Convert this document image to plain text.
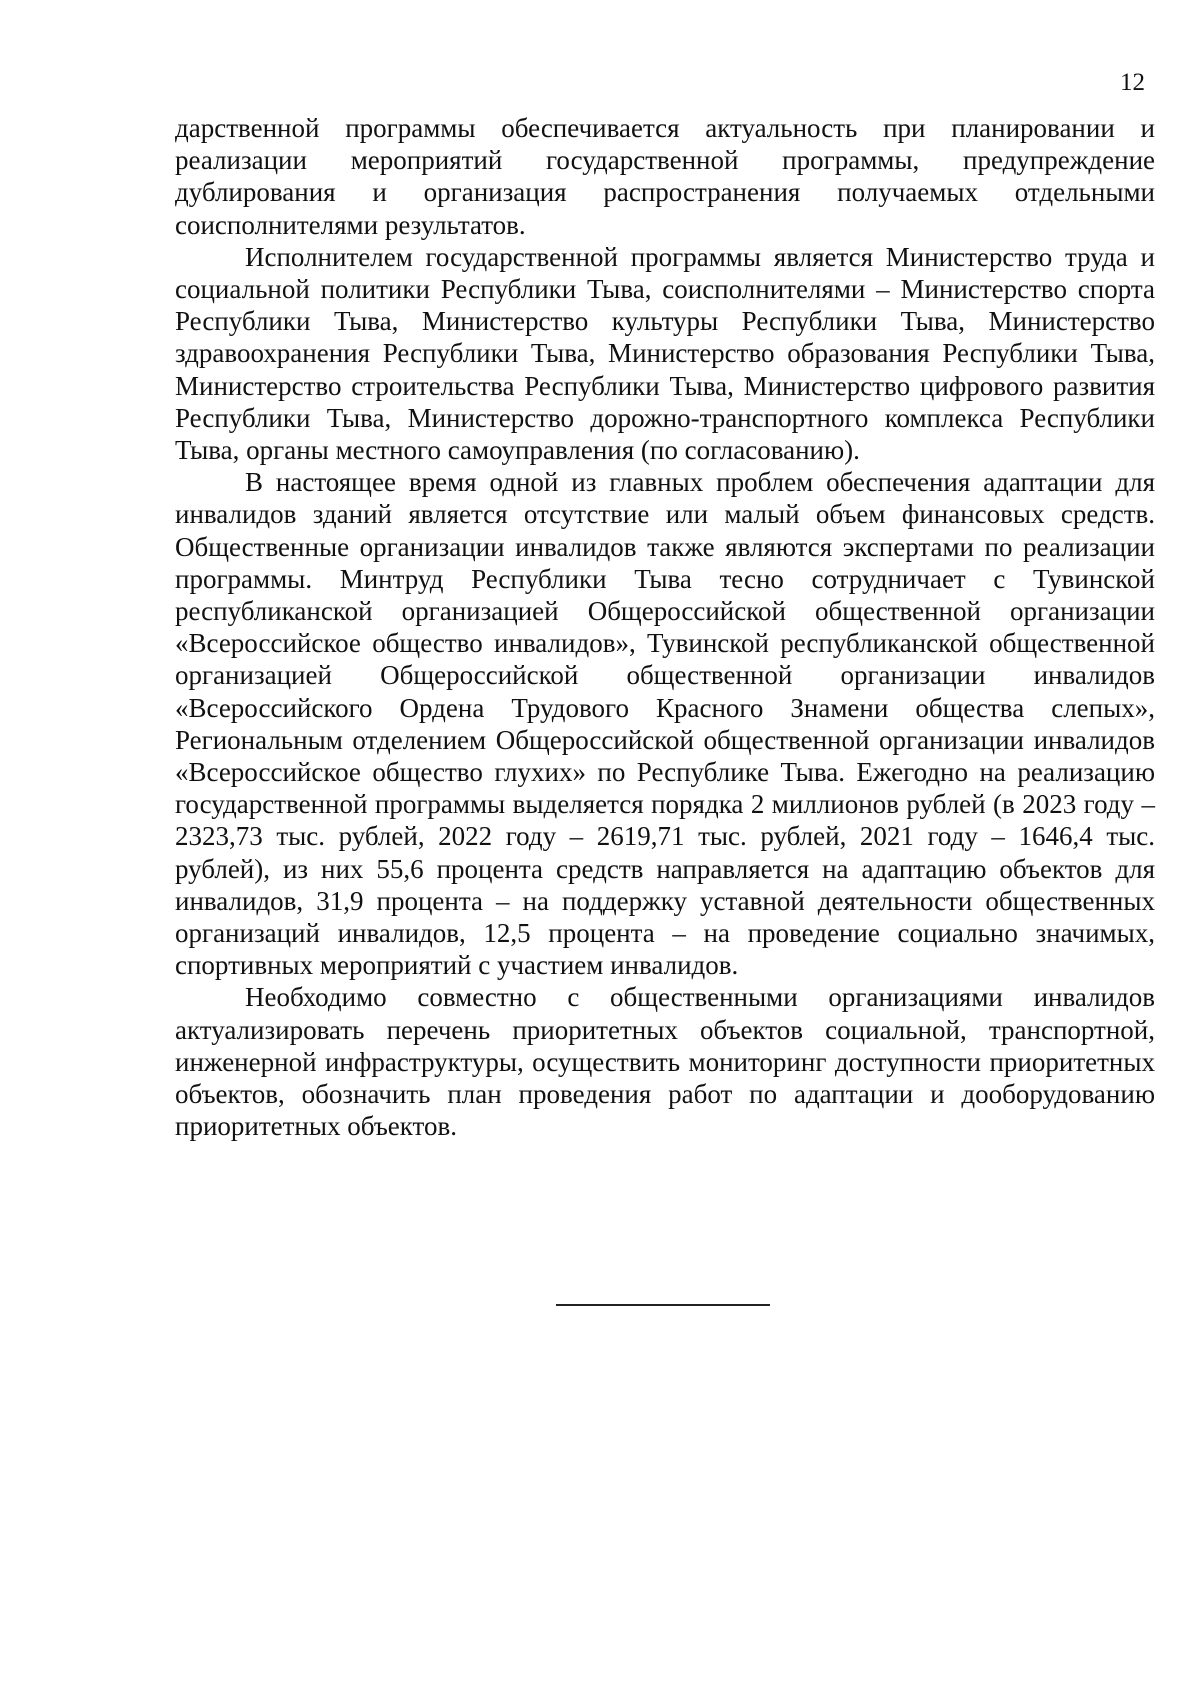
12

дарственной программы обеспечивается актуальность при планировании и реализации мероприятий государственной программы, предупреждение дублирования и организация распространения получаемых отдельными соисполнителями результатов.

Исполнителем государственной программы является Министерство труда и социальной политики Республики Тыва, соисполнителями – Министерство спорта Республики Тыва, Министерство культуры Республики Тыва, Министерство здравоохранения Республики Тыва, Министерство образования Республики Тыва, Министерство строительства Республики Тыва, Министерство цифрового развития Республики Тыва, Министерство дорожно-транспортного комплекса Республики Тыва, органы местного самоуправления (по согласованию).

В настоящее время одной из главных проблем обеспечения адаптации для инвалидов зданий является отсутствие или малый объем финансовых средств. Общественные организации инвалидов также являются экспертами по реализации программы. Минтруд Республики Тыва тесно сотрудничает с Тувинской республиканской организацией Общероссийской общественной организации «Всероссийское общество инвалидов», Тувинской республиканской общественной организацией Общероссийской общественной организации инвалидов «Всероссийского Ордена Трудового Красного Знамени общества слепых», Региональным отделением Общероссийской общественной организации инвалидов «Всероссийское общество глухих» по Республике Тыва. Ежегодно на реализацию государственной программы выделяется порядка 2 миллионов рублей (в 2023 году – 2323,73 тыс. рублей, 2022 году – 2619,71 тыс. рублей, 2021 году – 1646,4 тыс. рублей), из них 55,6 процента средств направляется на адаптацию объектов для инвалидов, 31,9 процента – на поддержку уставной деятельности общественных организаций инвалидов, 12,5 процента – на проведение социально значимых, спортивных мероприятий с участием инвалидов.

Необходимо совместно с общественными организациями инвалидов актуализировать перечень приоритетных объектов социальной, транспортной, инженерной инфраструктуры, осуществить мониторинг доступности приоритетных объектов, обозначить план проведения работ по адаптации и дооборудованию приоритетных объектов.
